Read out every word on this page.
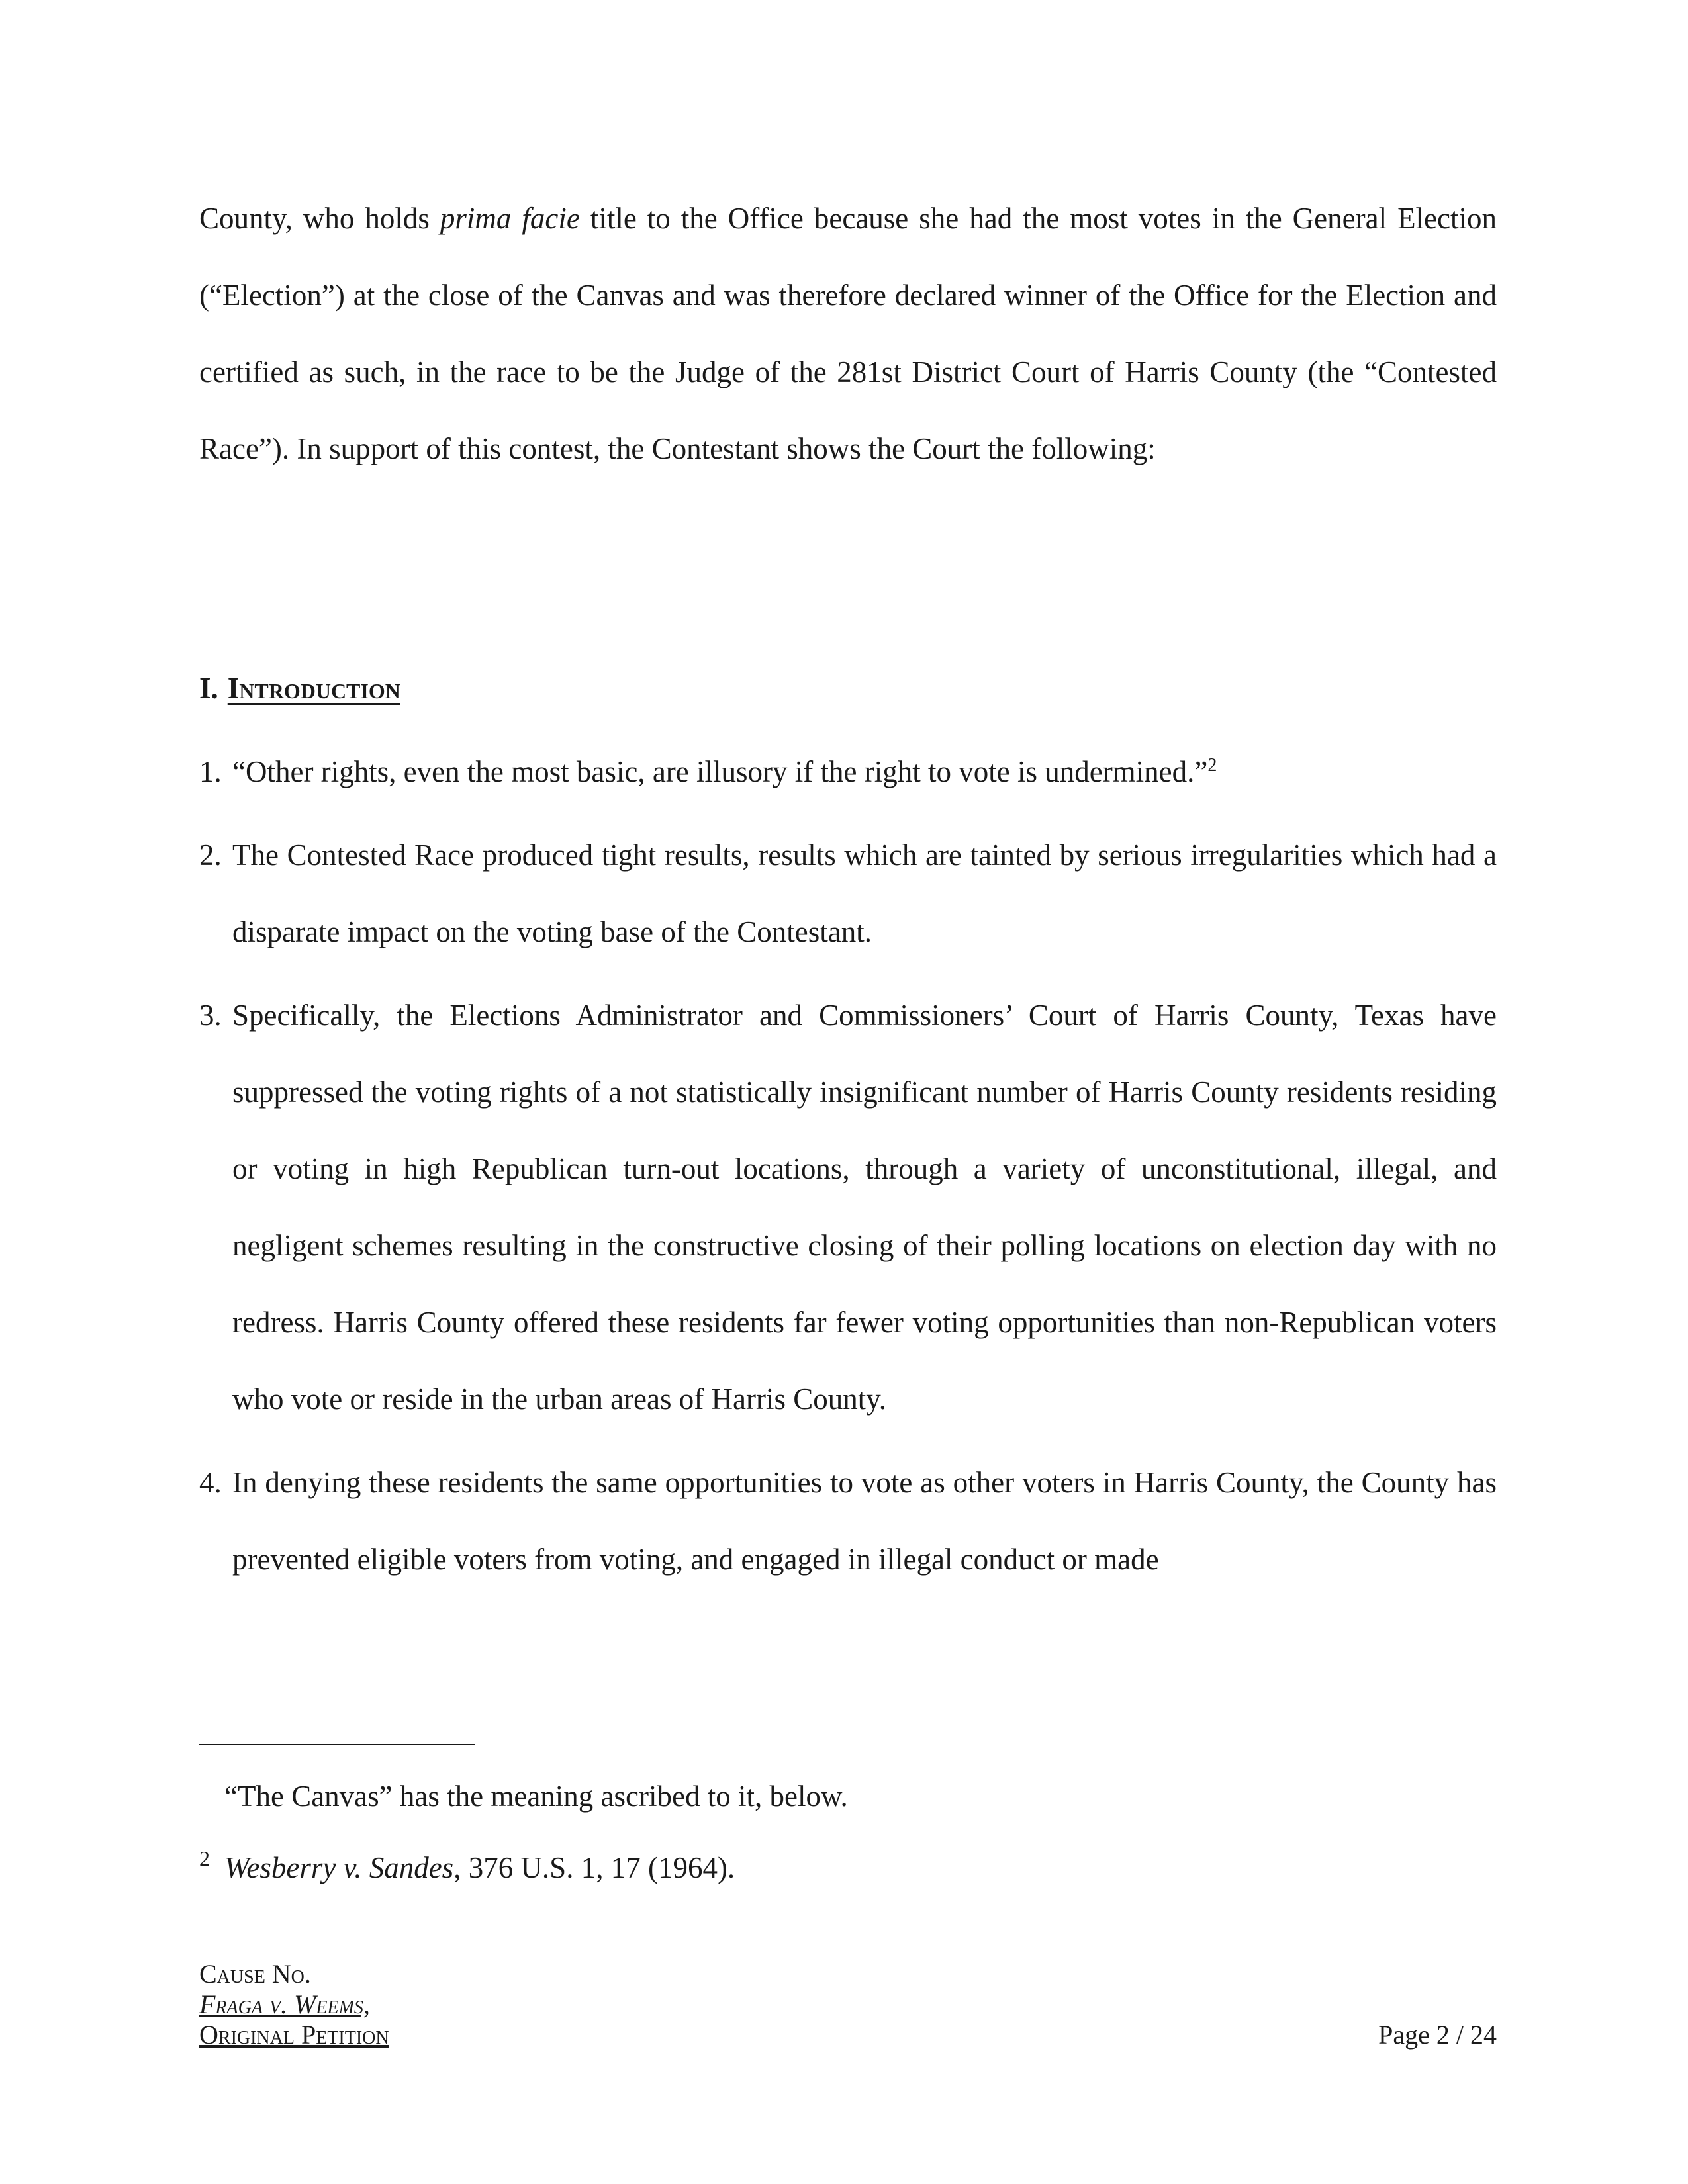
County, who holds prima facie title to the Office because she had the most votes in the General Election (“Election”) at the close of the Canvas and was therefore declared winner of the Office for the Election and certified as such, in the race to be the Judge of the 281st District Court of Harris County (the “Contested Race”). In support of this contest, the Contestant shows the Court the following:
I. Introduction
1. “Other rights, even the most basic, are illusory if the right to vote is undermined.”$^2$
2. The Contested Race produced tight results, results which are tainted by serious irregularities which had a disparate impact on the voting base of the Contestant.
3. Specifically, the Elections Administrator and Commissioners’ Court of Harris County, Texas have suppressed the voting rights of a not statistically insignificant number of Harris County residents residing or voting in high Republican turn-out locations, through a variety of unconstitutional, illegal, and negligent schemes resulting in the constructive closing of their polling locations on election day with no redress. Harris County offered these residents far fewer voting opportunities than non-Republican voters who vote or reside in the urban areas of Harris County.
4. In denying these residents the same opportunities to vote as other voters in Harris County, the County has prevented eligible voters from voting, and engaged in illegal conduct or made
“The Canvas” has the meaning ascribed to it, below.
2 Wesberry v. Sandes, 376 U.S. 1, 17 (1964).
Cause No.
Fraga v. Weems,
Original Petition	Page 2 / 24
